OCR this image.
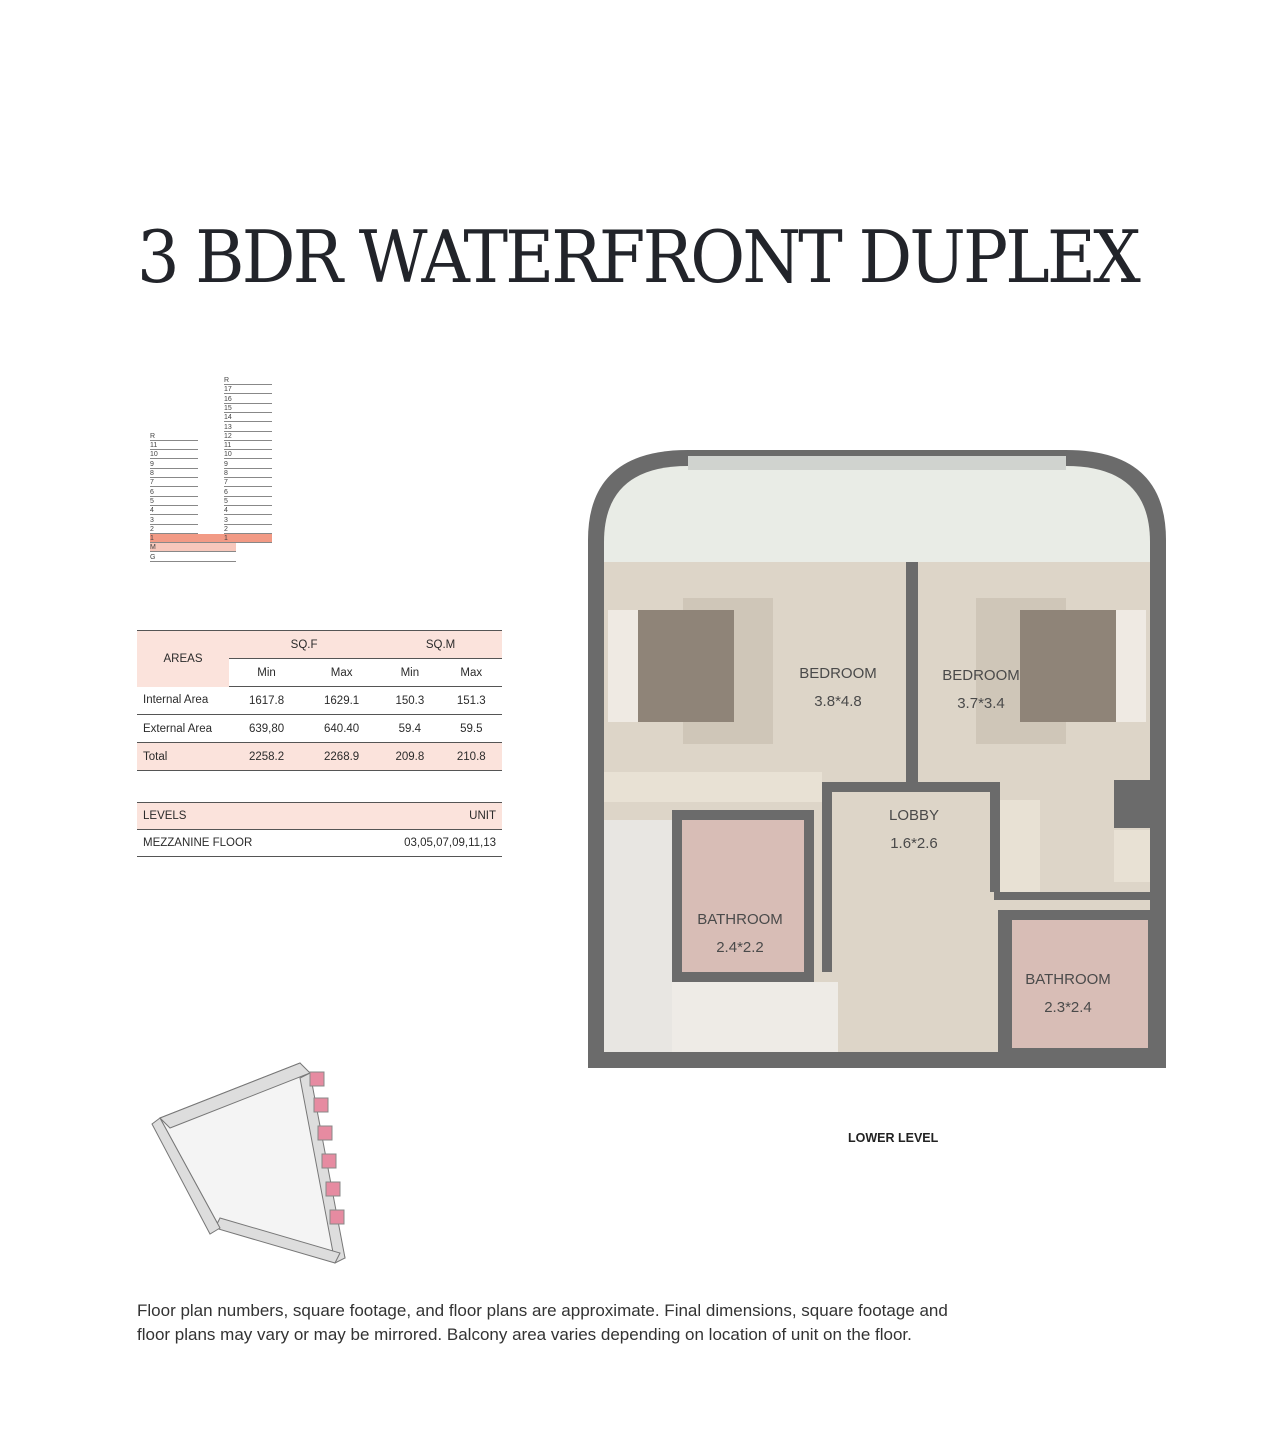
3 BDR WATERFRONT DUPLEX
R
11
10
9
8
7
6
5
4
3
2
1
M
G
R
17
16
15
14
13
12
11
10
9
8
7
6
5
4
3
2
1
AREAS	SQ.F		SQ.M	
	Min	Max	Min	Max
Internal Area	1617.8	1629.1	150.3	151.3
External Area	639,80	640.40	59.4	59.5
Total	2258.2	2268.9	209.8	210.8
LEVELS	UNIT
MEZZANINE FLOOR	03,05,07,09,11,13
BEDROOM
3.8*4.8
BEDROOM
3.7*3.4
LOBBY
1.6*2.6
BATHROOM
2.4*2.2
BATHROOM
2.3*2.4
LOWER LEVEL
Floor plan numbers, square footage, and floor plans are approximate. Final dimensions, square footage and floor plans may vary or may be mirrored. Balcony area varies depending on location of unit on the floor.
